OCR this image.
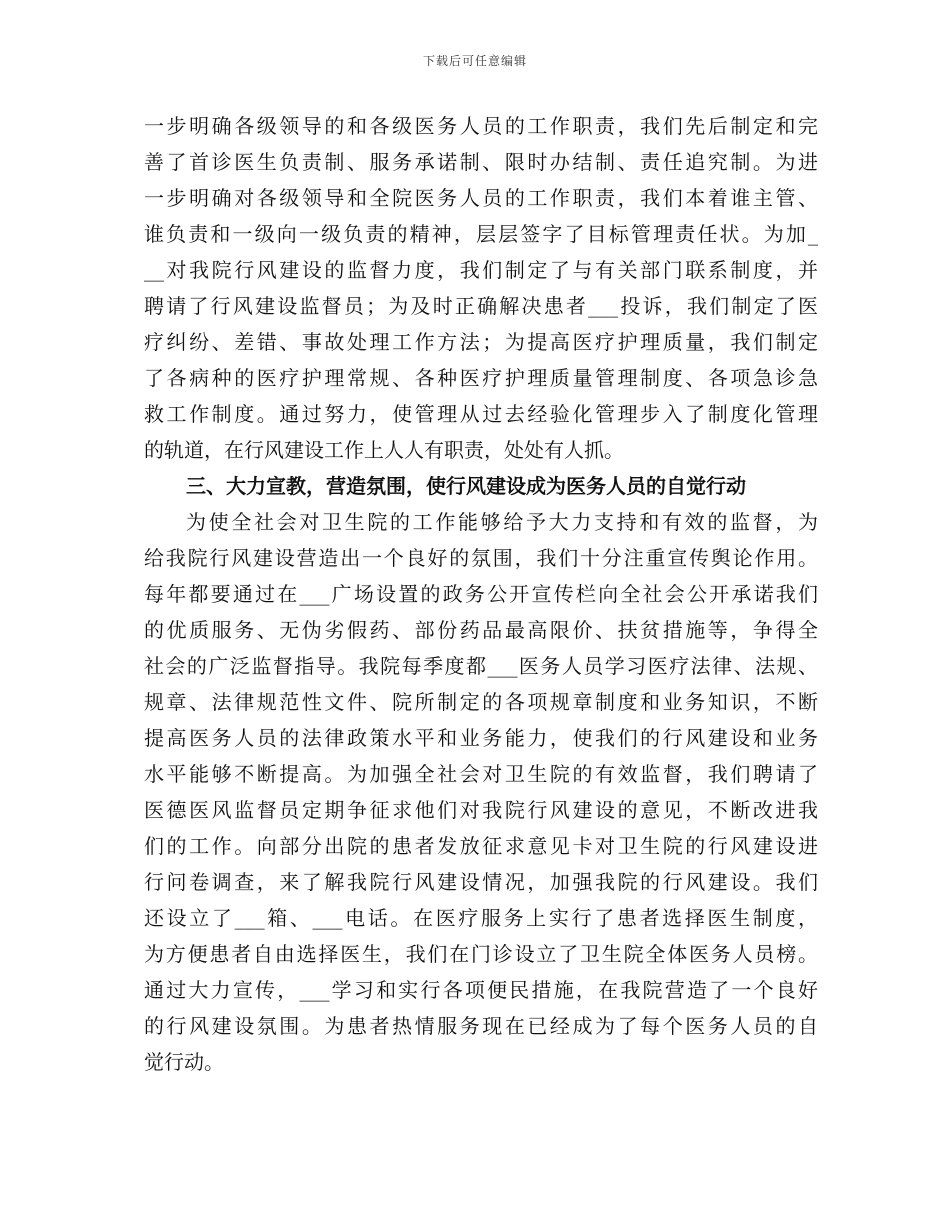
下载后可任意编辑
一步明确各级领导的和各级医务人员的工作职责，我们先后制定和完
善了首诊医生负责制、服务承诺制、限时办结制、责任追究制。为进
一步明确对各级领导和全院医务人员的工作职责，我们本着谁主管、
谁负责和一级向一级负责的精神，层层签字了目标管理责任状。为加_
__对我院行风建设的监督力度，我们制定了与有关部门联系制度，并
聘请了行风建设监督员；为及时正确解决患者___投诉，我们制定了医
疗纠纷、差错、事故处理工作方法；为提高医疗护理质量，我们制定
了各病种的医疗护理常规、各种医疗护理质量管理制度、各项急诊急
救工作制度。通过努力，使管理从过去经验化管理步入了制度化管理
的轨道，在行风建设工作上人人有职责，处处有人抓。
三、大力宣教，营造氛围，使行风建设成为医务人员的自觉行动
为使全社会对卫生院的工作能够给予大力支持和有效的监督，为
给我院行风建设营造出一个良好的氛围，我们十分注重宣传舆论作用。
每年都要通过在___广场设置的政务公开宣传栏向全社会公开承诺我们
的优质服务、无伪劣假药、部份药品最高限价、扶贫措施等，争得全
社会的广泛监督指导。我院每季度都___医务人员学习医疗法律、法规、
规章、法律规范性文件、院所制定的各项规章制度和业务知识，不断
提高医务人员的法律政策水平和业务能力，使我们的行风建设和业务
水平能够不断提高。为加强全社会对卫生院的有效监督，我们聘请了
医德医风监督员定期争征求他们对我院行风建设的意见，不断改进我
们的工作。向部分出院的患者发放征求意见卡对卫生院的行风建设进
行问卷调查，来了解我院行风建设情况，加强我院的行风建设。我们
还设立了___箱、___电话。在医疗服务上实行了患者选择医生制度，
为方便患者自由选择医生，我们在门诊设立了卫生院全体医务人员榜。
通过大力宣传，___学习和实行各项便民措施，在我院营造了一个良好
的行风建设氛围。为患者热情服务现在已经成为了每个医务人员的自
觉行动。
